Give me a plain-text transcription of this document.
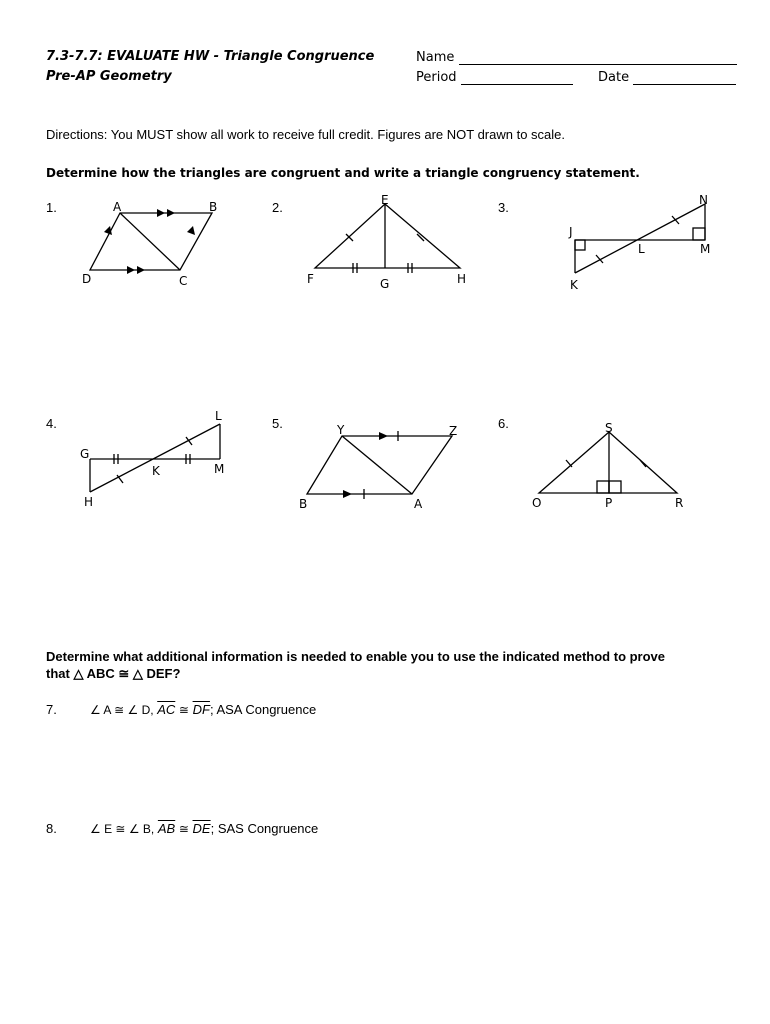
7.3-7.7: EVALUATE HW - Triangle Congruence
Pre-AP Geometry
Name
Period	Date
Directions: You MUST show all work to receive full credit. Figures are NOT drawn to scale.
Determine how the triangles are congruent and write a triangle congruency statement.
1.	2.	3.
4.	5.	6.
A	B
C
D
E
F	G	H
N
J
L	M
K
L
G
K	M
H
Y	Z
B	A
S
O	P	R
Determine what additional information is needed to enable you to use the indicated method to prove
that △ ABC ≅ △ DEF?
7.	∠ A ≅ ∠ D, $\overline{AC}$ ≅ $\overline{DF}$; ASA Congruence
8.	∠ E ≅ ∠ B, $\overline{AB}$ ≅ $\overline{DE}$; SAS Congruence
